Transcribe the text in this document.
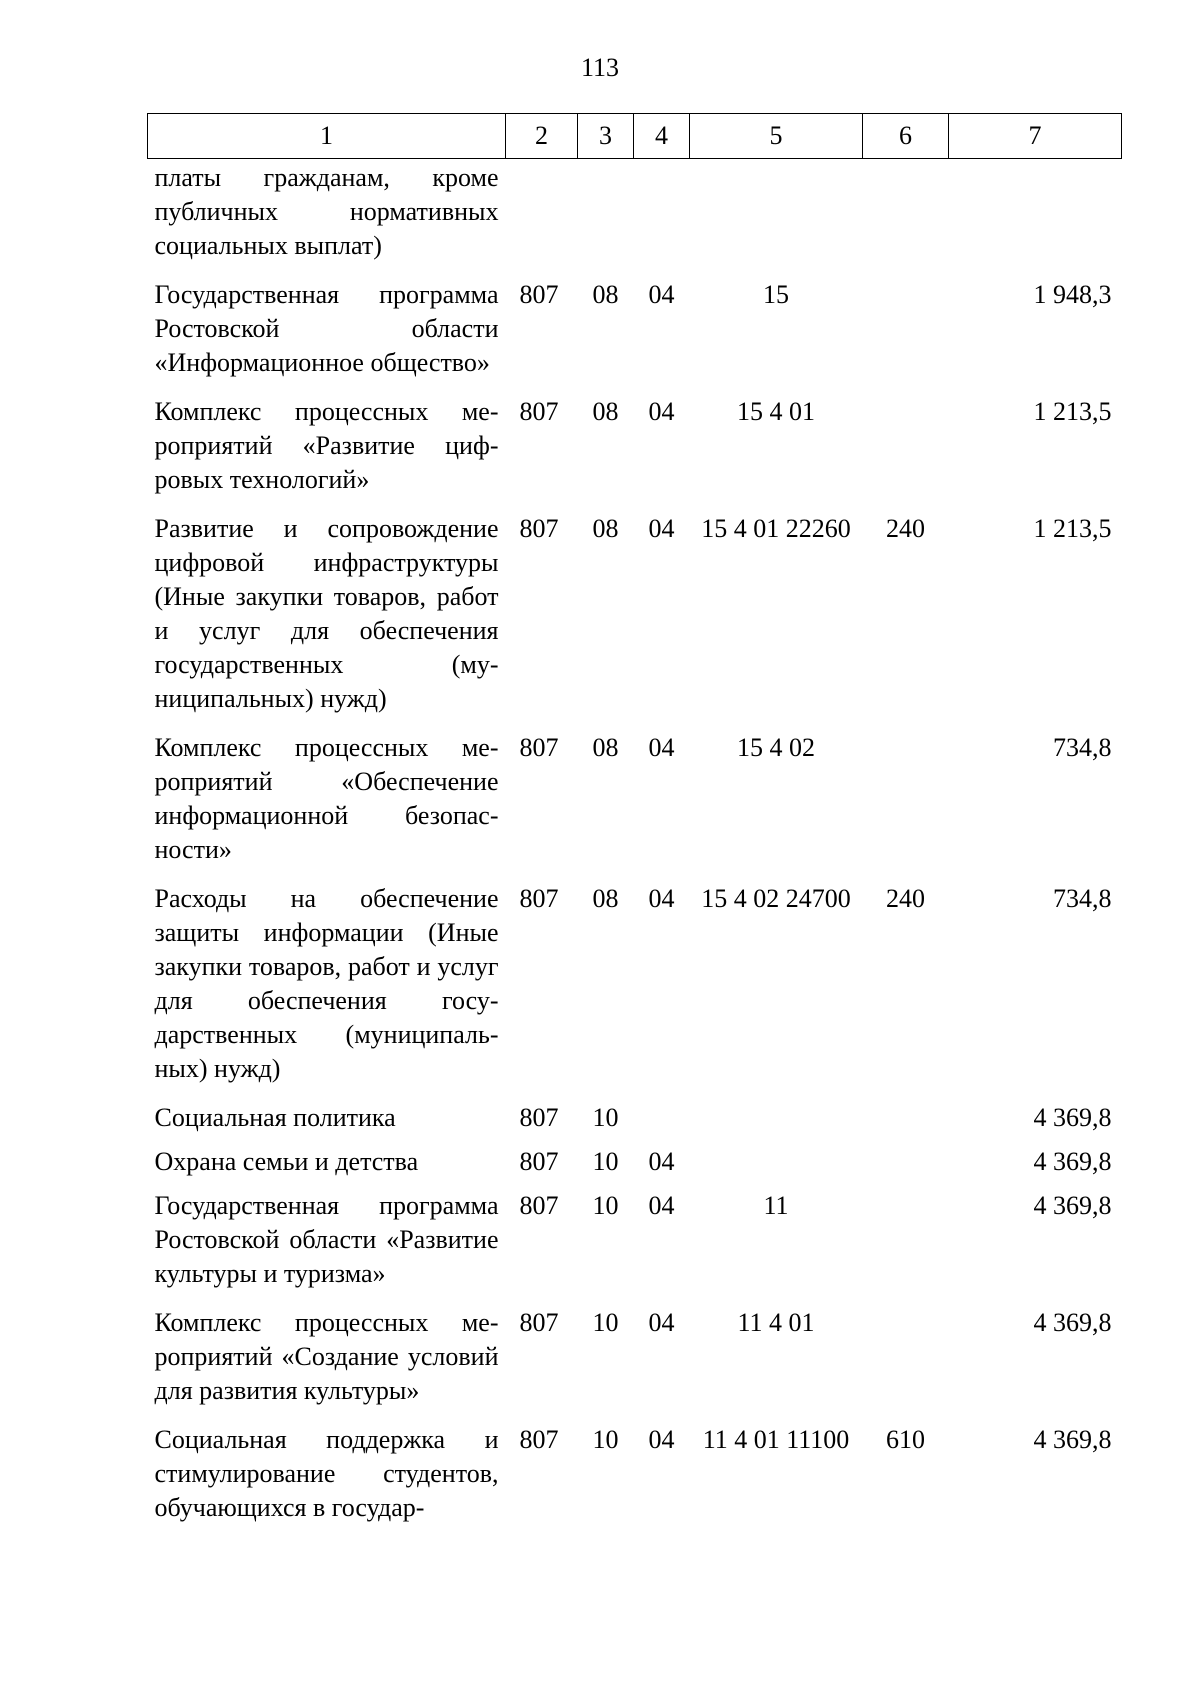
113
1	2	3	4	5	6	7
платы гражданам, кроме публичных нормативных социальных выплат)						
Государственная программа Ростовской области «Информационное общество»	807	08	04	15		1 948,3
Комплекс процессных мероприятий «Развитие цифровых технологий»	807	08	04	15 4 01		1 213,5
Развитие и сопровождение цифровой инфраструктуры (Иные закупки товаров, работ и услуг для обеспечения государственных (муниципальных) нужд)	807	08	04	15 4 01 22260	240	1 213,5
Комплекс процессных мероприятий «Обеспечение информационной безопасности»	807	08	04	15 4 02		734,8
Расходы на обеспечение защиты информации (Иные закупки товаров, работ и услуг для обеспечения государственных (муниципальных) нужд)	807	08	04	15 4 02 24700	240	734,8
Социальная политика	807	10				4 369,8
Охрана семьи и детства	807	10	04			4 369,8
Государственная программа Ростовской области «Развитие культуры и туризма»	807	10	04	11		4 369,8
Комплекс процессных мероприятий «Создание условий для развития культуры»	807	10	04	11 4 01		4 369,8
Социальная поддержка и стимулирование студентов, обучающихся в государ-	807	10	04	11 4 01 11100	610	4 369,8
